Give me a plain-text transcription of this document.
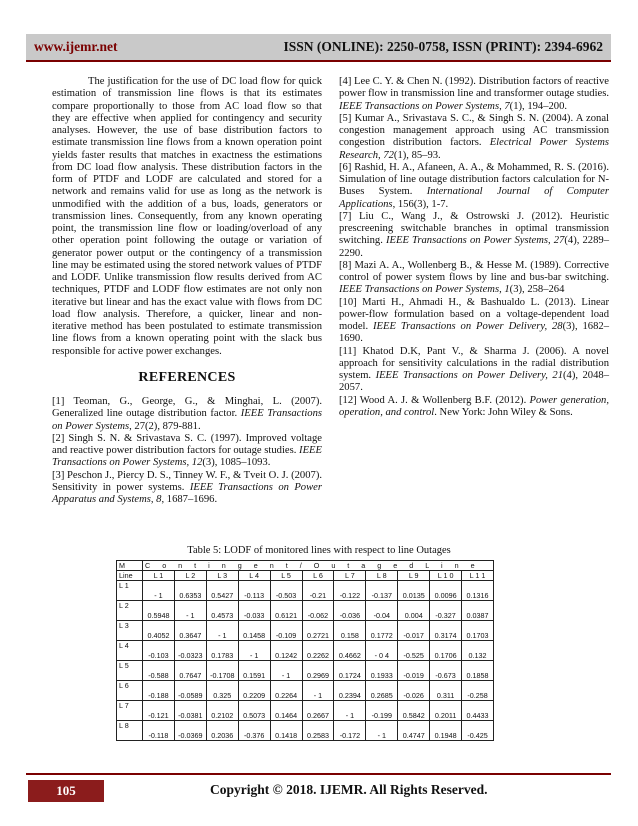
www.ijemr.net	ISSN (ONLINE): 2250-0758, ISSN (PRINT): 2394-6962

The justification for the use of DC load flow for quick estimation of transmission line flows is that its estimates compare proportionally to those from AC load flow so that they are effective when applied for contingency and security analyses. However, the use of base distribution factors to estimate transmission line flows from a known operation point yields faster results that matches in exactness the estimations from DC load flow analysis. These distribution factors in the form of PTDF and LODF are calculated and stored for a network and remains valid for use as long as the network is unmodified with the addition of a bus, loads, generators or transmission lines. Consequently, from any known operating point, the transmission line flow or loading/overload of any other operation point following the outage or variation of generator power output or the contingency of a transmission line may be estimated using the stored network values of PTDF and LODF. Unlike transmission flow results derived from AC techniques, PTDF and LODF flow estimates are not only non iterative but linear and has the exact value with flows from DC load flow analysis. Therefore, a quicker, linear and non-iterative method has been postulated to estimate transmission line flows from a known operating point with the slack bus responsible for active power exchanges.

REFERENCES

[1] Teoman, G., George, G., & Minghai, L. (2007). Generalized line outage distribution factor. IEEE Transactions on Power Systems, 27(2), 879-881.

[2] Singh S. N. & Srivastava S. C. (1997). Improved voltage and reactive power distribution factors for outage studies. IEEE Transactions on Power Systems, 12(3), 1085–1093.

[3] Peschon J., Piercy D. S., Tinney W. F., & Tveit O. J. (2007). Sensitivity in power systems. IEEE Transactions on Power Apparatus and Systems, 8, 1687–1696.

[4] Lee C. Y. & Chen N. (1992). Distribution factors of reactive power flow in transmission line and transformer outage studies. IEEE Transactions on Power Systems, 7(1), 194–200.

[5] Kumar A., Srivastava S. C., & Singh S. N. (2004). A zonal congestion management approach using AC transmission congestion distribution factors. Electrical Power Systems Research, 72(1), 85–93.

[6] Rashid, H. A., Afaneen, A. A., & Mohammed, R. S. (2016). Simulation of line outage distribution factors calculation for N- Buses System. International Journal of Computer Applications, 156(3), 1-7.

[7] Liu C., Wang J., & Ostrowski J. (2012). Heuristic prescreening switchable branches in optimal transmission switching. IEEE Transactions on Power Systems, 27(4), 2289–2290.

[8] Mazi A. A., Wollenberg B., & Hesse M. (1989). Corrective control of power system flows by line and bus-bar switching. IEEE Transactions on Power Systems, 1(3), 258–264

[10] Marti H., Ahmadi H., & Bashualdo L. (2013). Linear power-flow formulation based on a voltage-dependent load model. IEEE Transactions on Power Delivery, 28(3), 1682–1690.

[11] Khatod D.K, Pant V., & Sharma J. (2006). A novel approach for sensitivity calculations in the radial distribution system. IEEE Transactions on Power Delivery, 21(4), 2048–2057.

[12] Wood A. J. & Wollenberg B.F. (2012). Power generation, operation, and control. New York: John Wiley & Sons.

Table 5: LODF of monitored lines with respect to line Outages
M	C o n t i n g e n t / O u t a g e d L i n e										
Line	L 1	L 2	L 3	L 4	L 5	L 6	L 7	L 8	L 9	L 1 0	L 1 1
L 1	- 1	0.6353	0.5427	-0.113	-0.503	-0.21	-0.122	-0.137	0.0135	0.0096	0.1316
L 2	0.5948	- 1	0.4573	-0.033	0.6121	-0.062	-0.036	-0.04	0.004	-0.327	0.0387
L 3	0.4052	0.3647	- 1	0.1458	-0.109	0.2721	0.158	0.1772	-0.017	0.3174	0.1703
L 4	-0.103	-0.0323	0.1783	- 1	0.1242	0.2262	0.4662	- 0 4	-0.525	0.1706	0.132
L 5	-0.588	0.7647	-0.1708	0.1591	- 1	0.2969	0.1724	0.1933	-0.019	-0.673	0.1858
L 6	-0.188	-0.0589	0.325	0.2209	0.2264	- 1	0.2394	0.2685	-0.026	0.311	-0.258
L 7	-0.121	-0.0381	0.2102	0.5073	0.1464	0.2667	- 1	-0.199	0.5842	0.2011	0.4433
L 8	-0.118	-0.0369	0.2036	-0.376	0.1418	0.2583	-0.172	- 1	0.4747	0.1948	-0.425
105	Copyright © 2018. IJEMR. All Rights Reserved.
